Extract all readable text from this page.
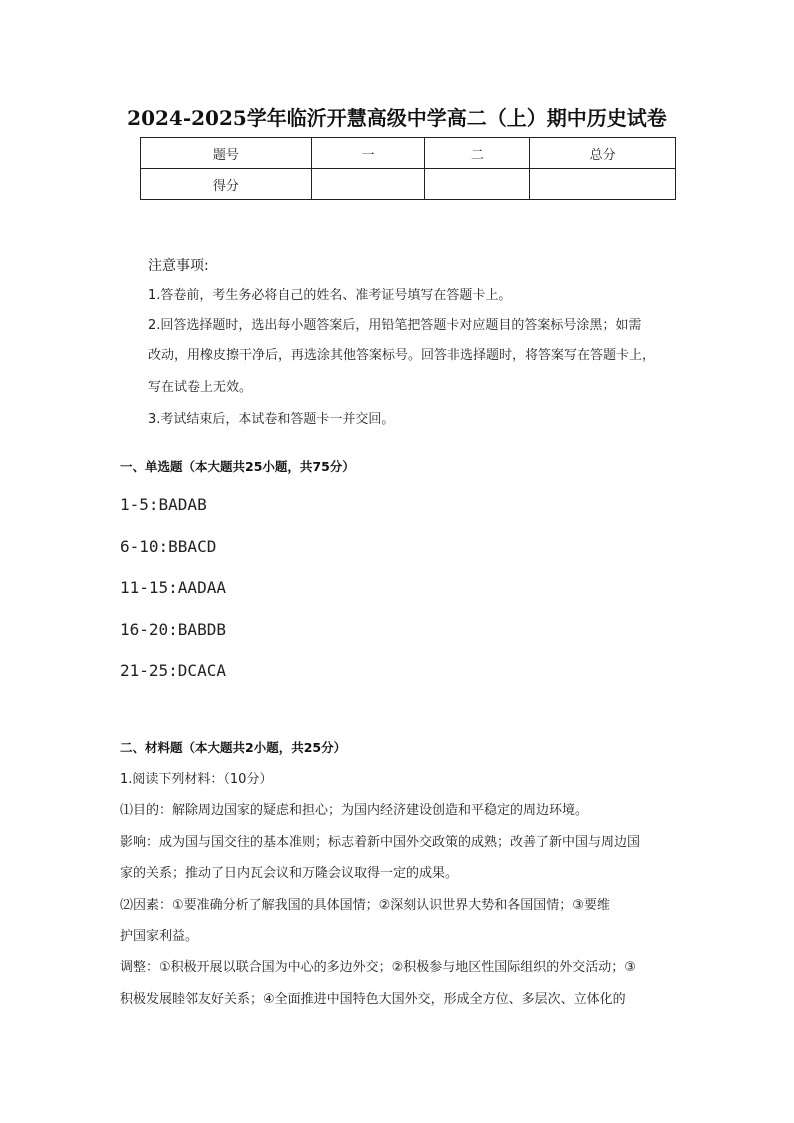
2024-2025学年临沂开慧高级中学高二（上）期中历史试卷
题号	一	二	总分
得分			
注意事项:
1.答卷前，考生务必将自己的姓名、准考证号填写在答题卡上。
2.回答选择题时，选出每小题答案后，用铅笔把答题卡对应题目的答案标号涂黑；如需
改动，用橡皮擦干净后，再选涂其他答案标号。回答非选择题时，将答案写在答题卡上，
写在试卷上无效。
3.考试结束后，本试卷和答题卡一并交回。
一、单选题（本大题共25小题，共75分）
1-5:BADAB
6-10:BBACD
11-15:AADAA
16-20:BABDB
21-25:DCACA
二、材料题（本大题共2小题，共25分）
1.阅读下列材料：（10分）
⑴目的：解除周边国家的疑虑和担心；为国内经济建设创造和平稳定的周边环境。
影响：成为国与国交往的基本准则；标志着新中国外交政策的成熟；改善了新中国与周边国
家的关系；推动了日内瓦会议和万隆会议取得一定的成果。
⑵因素：①要准确分析了解我国的具体国情；②深刻认识世界大势和各国国情；③要维
护国家利益。
调整：①积极开展以联合国为中心的多边外交；②积极参与地区性国际组织的外交活动；③
积极发展睦邻友好关系；④全面推进中国特色大国外交，形成全方位、多层次、立体化的
